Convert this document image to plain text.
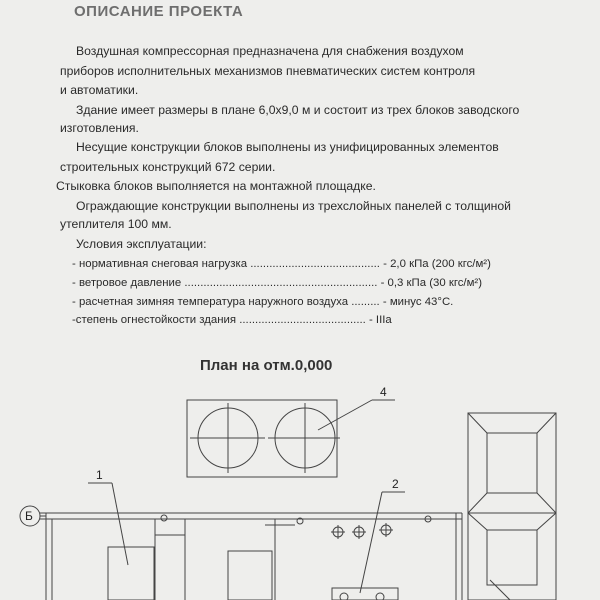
ОПИСАНИЕ ПРОЕКТА
Воздушная компрессорная предназначена для снабжения воздухом
приборов исполнительных механизмов пневматических систем контроля
и автоматики.
Здание имеет размеры в плане 6,0х9,0 м и состоит из трех блоков заводского
изготовления.
Несущие конструкции блоков выполнены из унифицированных элементов
строительных конструкций 672 серии.
Стыковка блоков выполняется на монтажной площадке.
Ограждающие конструкции выполнены из трехслойных панелей с толщиной
утеплителя 100 мм.
Условия эксплуатации:
- нормативная снеговая нагрузка ......................................... - 2,0 кПа (200 кгс/м²)
- ветровое давление ............................................................. - 0,3 кПа (30 кгс/м²)
- расчетная зимняя температура наружного воздуха ......... - минус 43°С.
-степень огнестойкости здания ........................................ - IIIа
План на отм.0,000
4
1
2
Б
